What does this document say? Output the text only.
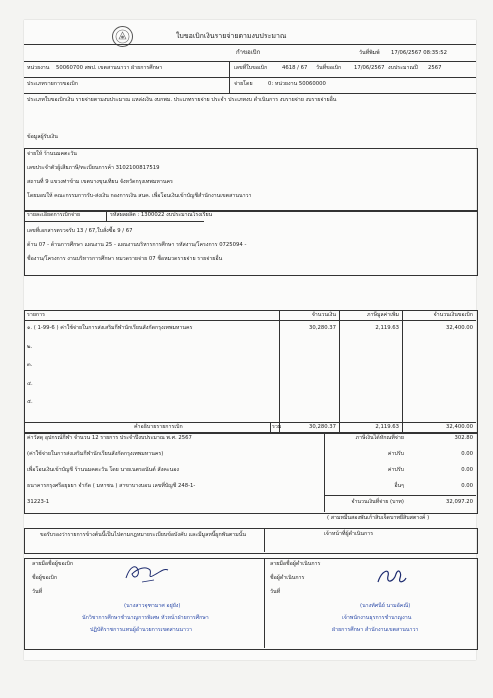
ใบขอเบิกเงินรายจ่ายตามงบประมาณ
กำขอเบิก	วันที่พิมพ์ 17/06/2567 08:35:52
หน่วยงาน 50060700 สพป. เขตสานนาวา ฝ่ายการศึกษา	เลขที่ใบขอเบิก	4618 / 67 วันที่ขอเบิก 17/06/2567 งบประมาณปี 2567
ประเภทรายการขอเบิก	จ่ายโดย	0: หน่วยงาน 50060000
ประเภทใบขอเบิกเงิน รายจ่ายตามงบประมาณ แหล่งเงิน งบกพม. ประเภทรายจ่าย ประจำ ประเภทงบ ดำเนินการ งบรายจ่าย งบรายจ่ายอื่น
ข้อมูลผู้รับเงิน
จ่ายให้ ร้านนมคตะวัน
เลขประจำตัวผู้เสียภาษี/ทะเบียนการค้า 3102100817519
สถานที่ 9 แขวงท่าข้าม เขตบางขุนเทียน จังหวัดกรุงเทพมหานคร
โดยมอบให้ คณะกรรมการรับ-ส่งเงิน กองการเงิน สนค. เพื่อโอนเงินเข้าบัญชีสำนักงานเขตสานนาวา
รายละเอียดการเบิกจ่าย	รหัสผลผลิต : 1300022 งบประมาณโรงเรียน
เลขที่เอกสารตรวจรับ 13 / 67,ใบสั่งซื้อ 9 / 67
ด้าน 07 - ด้านการศึกษา แผนงาน 25 - แผนงานบริหารการศึกษา รหัสงาน/โครงการ 0725094 -
ชื่องาน/โครงการ งานบริหารการศึกษา หมวดรายจ่าย 07 ชื่อหมวดรายจ่าย รายจ่ายอื่น
รายการ	จำนวนเงิน	ภาษีมูลค่าเพิ่ม	จำนวนเงินขอเบิก
๑. ( 1-99-6 ) ค่าใช้จ่ายในการส่งเสริมกีฬานักเรียนสังกัดกรุงเทพมหานคร	30,280.37	2,119.63	32,400.00
๒.
๓.
๔.
๕.
คำอธิบายรายการเบิก	รวม	30,280.37	2,119.63	32,400.00
ค่าวัสดุ อุปกรณ์กีฬา จำนวน 12 รายการ ประจำปีงบประมาณ พ.ศ. 2567
(ค่าใช้จ่ายในการส่งเสริมกีฬานักเรียนสังกัดกรุงเทพมหานคร)
เพื่อโอนเงินเข้าบัญชี ร้านนมคตะวัน โดย นายเนตรอนันต์ สังคะนอง
ธนาคารกรุงศรีอยุธยา จำกัด ( มหาชน ) สาขาบางบอน เลขที่บัญชี 248-1-
31223-1
ภาษีเงินได้หักณที่จ่าย	302.80
ค่าปรับ	0.00
ค่าปรับ	0.00
อื่นๆ	0.00
จำนวนเงินที่จ่าย (บาท)	32,097.20
( สามหมื่นสองพันเก้าสิบเจ็ดบาทยี่สิบสตางค์ )
ขอรับรองว่ารายการข้างต้นนี้เป็นไปตามกฎหมายระเบียบข้อบังคับ และมีมูลหนี้ผูกพันตามนั้น	เจ้าหน้าที่ผู้ดำเนินการ
ลายมือชื่อผู้ขอเบิก
ชื่อผู้ขอเบิก
วันที่
(นางสาวจุฑามาศ อยู่ยัง)
นักวิชาการศึกษาชำนาญการพิเศษ หัวหน้าฝ่ายการศึกษา
ปฏิบัติราชการแทนผู้อำนวยการเขตสานนาวา
ลายมือชื่อผู้ดำเนินการ
ชื่อผู้ดำเนินการ
วันที่
(นางทัศนีย์ นามอัคณี)
เจ้าพนักงานธุรการชำนาญงาน
ฝ่ายการศึกษา สำนักงานเขตสานนาวา
